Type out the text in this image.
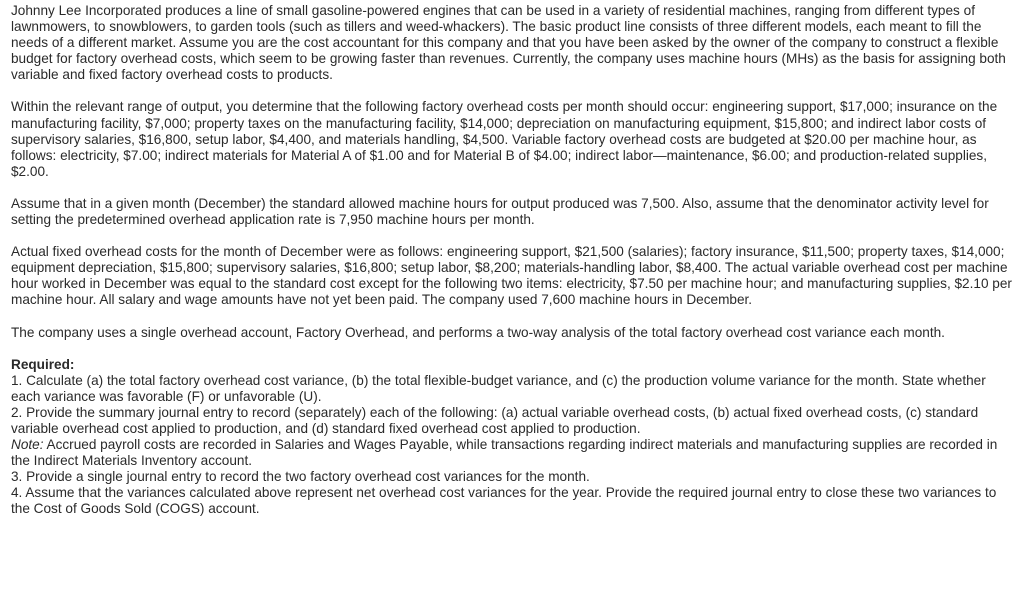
Johnny Lee Incorporated produces a line of small gasoline-powered engines that can be used in a variety of residential machines, ranging from different types of lawnmowers, to snowblowers, to garden tools (such as tillers and weed-whackers). The basic product line consists of three different models, each meant to fill the needs of a different market. Assume you are the cost accountant for this company and that you have been asked by the owner of the company to construct a flexible budget for factory overhead costs, which seem to be growing faster than revenues. Currently, the company uses machine hours (MHs) as the basis for assigning both variable and fixed factory overhead costs to products.

Within the relevant range of output, you determine that the following factory overhead costs per month should occur: engineering support, $17,000; insurance on the manufacturing facility, $7,000; property taxes on the manufacturing facility, $14,000; depreciation on manufacturing equipment, $15,800; and indirect labor costs of supervisory salaries, $16,800, setup labor, $4,400, and materials handling, $4,500. Variable factory overhead costs are budgeted at $20.00 per machine hour, as follows: electricity, $7.00; indirect materials for Material A of $1.00 and for Material B of $4.00; indirect labor—maintenance, $6.00; and production-related supplies, $2.00.

Assume that in a given month (December) the standard allowed machine hours for output produced was 7,500. Also, assume that the denominator activity level for setting the predetermined overhead application rate is 7,950 machine hours per month.

Actual fixed overhead costs for the month of December were as follows: engineering support, $21,500 (salaries); factory insurance, $11,500; property taxes, $14,000; equipment depreciation, $15,800; supervisory salaries, $16,800; setup labor, $8,200; materials-handling labor, $8,400. The actual variable overhead cost per machine hour worked in December was equal to the standard cost except for the following two items: electricity, $7.50 per machine hour; and manufacturing supplies, $2.10 per machine hour. All salary and wage amounts have not yet been paid. The company used 7,600 machine hours in December.

The company uses a single overhead account, Factory Overhead, and performs a two-way analysis of the total factory overhead cost variance each month.

Required:
1. Calculate (a) the total factory overhead cost variance, (b) the total flexible-budget variance, and (c) the production volume variance for the month. State whether each variance was favorable (F) or unfavorable (U).
2. Provide the summary journal entry to record (separately) each of the following: (a) actual variable overhead costs, (b) actual fixed overhead costs, (c) standard variable overhead cost applied to production, and (d) standard fixed overhead cost applied to production.
Note: Accrued payroll costs are recorded in Salaries and Wages Payable, while transactions regarding indirect materials and manufacturing supplies are recorded in the Indirect Materials Inventory account.
3. Provide a single journal entry to record the two factory overhead cost variances for the month.
4. Assume that the variances calculated above represent net overhead cost variances for the year. Provide the required journal entry to close these two variances to the Cost of Goods Sold (COGS) account.
